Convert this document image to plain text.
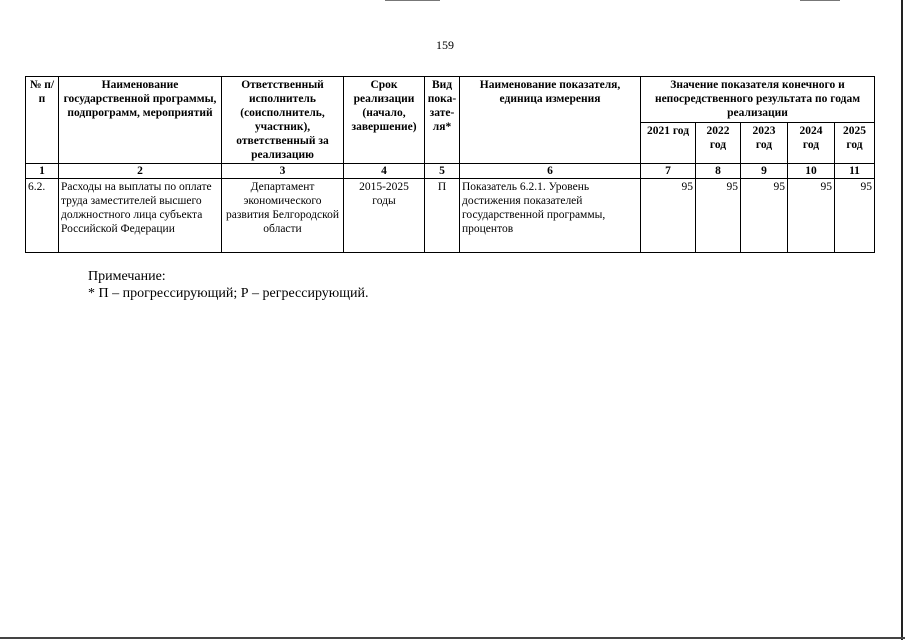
159
№ п/п	Наименование государственной программы, подпрограмм, мероприятий	Ответственный исполнитель (соисполнитель, участник), ответственный за реализацию	Срок реализации (начало, завершение)	Вид пока-зате-ля*	Наименование показателя, единица измерения	Значение показателя конечного и непосредственного результата по годам реализации				
						2021 год	2022 год	2023 год	2024 год	2025 год
1	2	3	4	5	6	7	8	9	10	11
6.2.	Расходы на выплаты по оплате труда заместителей высшего должностного лица субъекта Российской Федерации	Департамент экономического развития Белгородской области	2015-2025 годы	П	Показатель 6.2.1. Уровень достижения показателей государственной программы, процентов	95	95	95	95	95
Примечание:
* П – прогрессирующий; Р – регрессирующий.
